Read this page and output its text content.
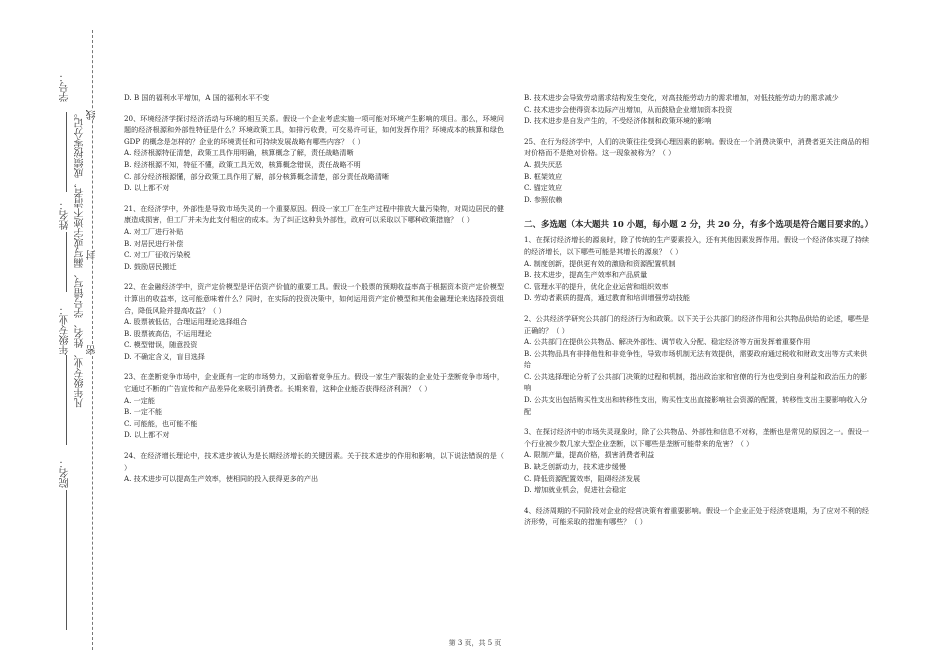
学号：
姓名：
年级专业：
院名：
线
封
密
凡年级专业、姓名、学号错写、漏写或字迹不清者，成绩按零分记。

D. B 国的福利水平增加，A 国的福利水平不变

20、环境经济学探讨经济活动与环境的相互关系。假设一个企业考虑实施一项可能对环境产生影响的项目。那么，环境问题的经济根源和外部性特征是什么？环境政策工具，如排污收费，可交易许可证，如何发挥作用？环境成本的核算和绿色 GDP 的概念是怎样的？企业的环境责任和可持续发展战略有哪些内容？（ ）

A. 经济根源特征清楚，政策工具作用明确，核算概念了解，责任战略清晰

B. 经济根源不知，特征不懂，政策工具无效，核算概念错误，责任战略不明

C. 部分经济根源懂，部分政策工具作用了解，部分核算概念清楚，部分责任战略清晰

D. 以上都不对

21、在经济学中，外部性是导致市场失灵的一个重要原因。假设一家工厂在生产过程中排放大量污染物，对周边居民的健康造成损害，但工厂并未为此支付相应的成本。为了纠正这种负外部性，政府可以采取以下哪种政策措施？（ ）

A. 对工厂进行补贴

B. 对居民进行补偿

C. 对工厂征收污染税

D. 鼓励居民搬迁

22、在金融经济学中，资产定价模型是评估资产价值的重要工具。假设一个股票的预期收益率高于根据资本资产定价模型计算出的收益率，这可能意味着什么？同时，在实际的投资决策中，如何运用资产定价模型和其他金融理论来选择投资组合，降低风险并提高收益？（ ）

A. 股票被低估，合理运用理论选择组合

B. 股票被高估，不运用理论

C. 模型错误，随意投资

D. 不确定含义，盲目选择

23、在垄断竞争市场中，企业既有一定的市场势力，又面临着竞争压力。假设一家生产服装的企业处于垄断竞争市场中，它通过不断的广告宣传和产品差异化来吸引消费者。长期来看，这种企业能否获得经济利润？（ ）

A. 一定能

B. 一定不能

C. 可能能，也可能不能

D. 以上都不对

24、在经济增长理论中，技术进步被认为是长期经济增长的关键因素。关于技术进步的作用和影响，以下说法错误的是（ ）

A. 技术进步可以提高生产效率，使相同的投入获得更多的产出

B. 技术进步会导致劳动需求结构发生变化，对高技能劳动力的需求增加，对低技能劳动力的需求减少

C. 技术进步会使得资本边际产出增加，从而鼓励企业增加资本投资

D. 技术进步是自发产生的，不受经济体制和政策环境的影响

25、在行为经济学中，人们的决策往往受到心理因素的影响。假设在一个消费决策中，消费者更关注商品的相对价格而不是绝对价格。这一现象被称为？（ ）

A. 损失厌恶

B. 框架效应

C. 锚定效应

D. 参照依赖

二、多选题（本大题共 10 小题，每小题 2 分，共 20 分，有多个选项是符合题目要求的。）

1、在探讨经济增长的源泉时，除了传统的生产要素投入，还有其他因素发挥作用。假设一个经济体实现了持续的经济增长，以下哪些可能是其增长的源泉？（ ）

A. 制度创新，提供更有效的激励和资源配置机制

B. 技术进步，提高生产效率和产品质量

C. 管理水平的提升，优化企业运营和组织效率

D. 劳动者素质的提高，通过教育和培训增强劳动技能

2、公共经济学研究公共部门的经济行为和政策。以下关于公共部门的经济作用和公共物品供给的论述，哪些是正确的？（ ）

A. 公共部门在提供公共物品、解决外部性、调节收入分配、稳定经济等方面发挥着重要作用

B. 公共物品具有非排他性和非竞争性，导致市场机制无法有效提供，需要政府通过税收和财政支出等方式来供给

C. 公共选择理论分析了公共部门决策的过程和机制，指出政治家和官僚的行为也受到自身利益和政治压力的影响

D. 公共支出包括购买性支出和转移性支出，购买性支出直接影响社会资源的配置，转移性支出主要影响收入分配

3、在探讨经济中的市场失灵现象时，除了公共物品、外部性和信息不对称，垄断也是常见的原因之一。假设一个行业被少数几家大型企业垄断，以下哪些是垄断可能带来的危害？（ ）

A. 限制产量，提高价格，损害消费者利益

B. 缺乏创新动力，技术进步缓慢

C. 降低资源配置效率，阻碍经济发展

D. 增加就业机会，促进社会稳定

4、经济周期的不同阶段对企业的经营决策有着重要影响。假设一个企业正处于经济衰退期，为了应对不利的经济形势，可能采取的措施有哪些？（ ）

第 3 页，共 5 页
